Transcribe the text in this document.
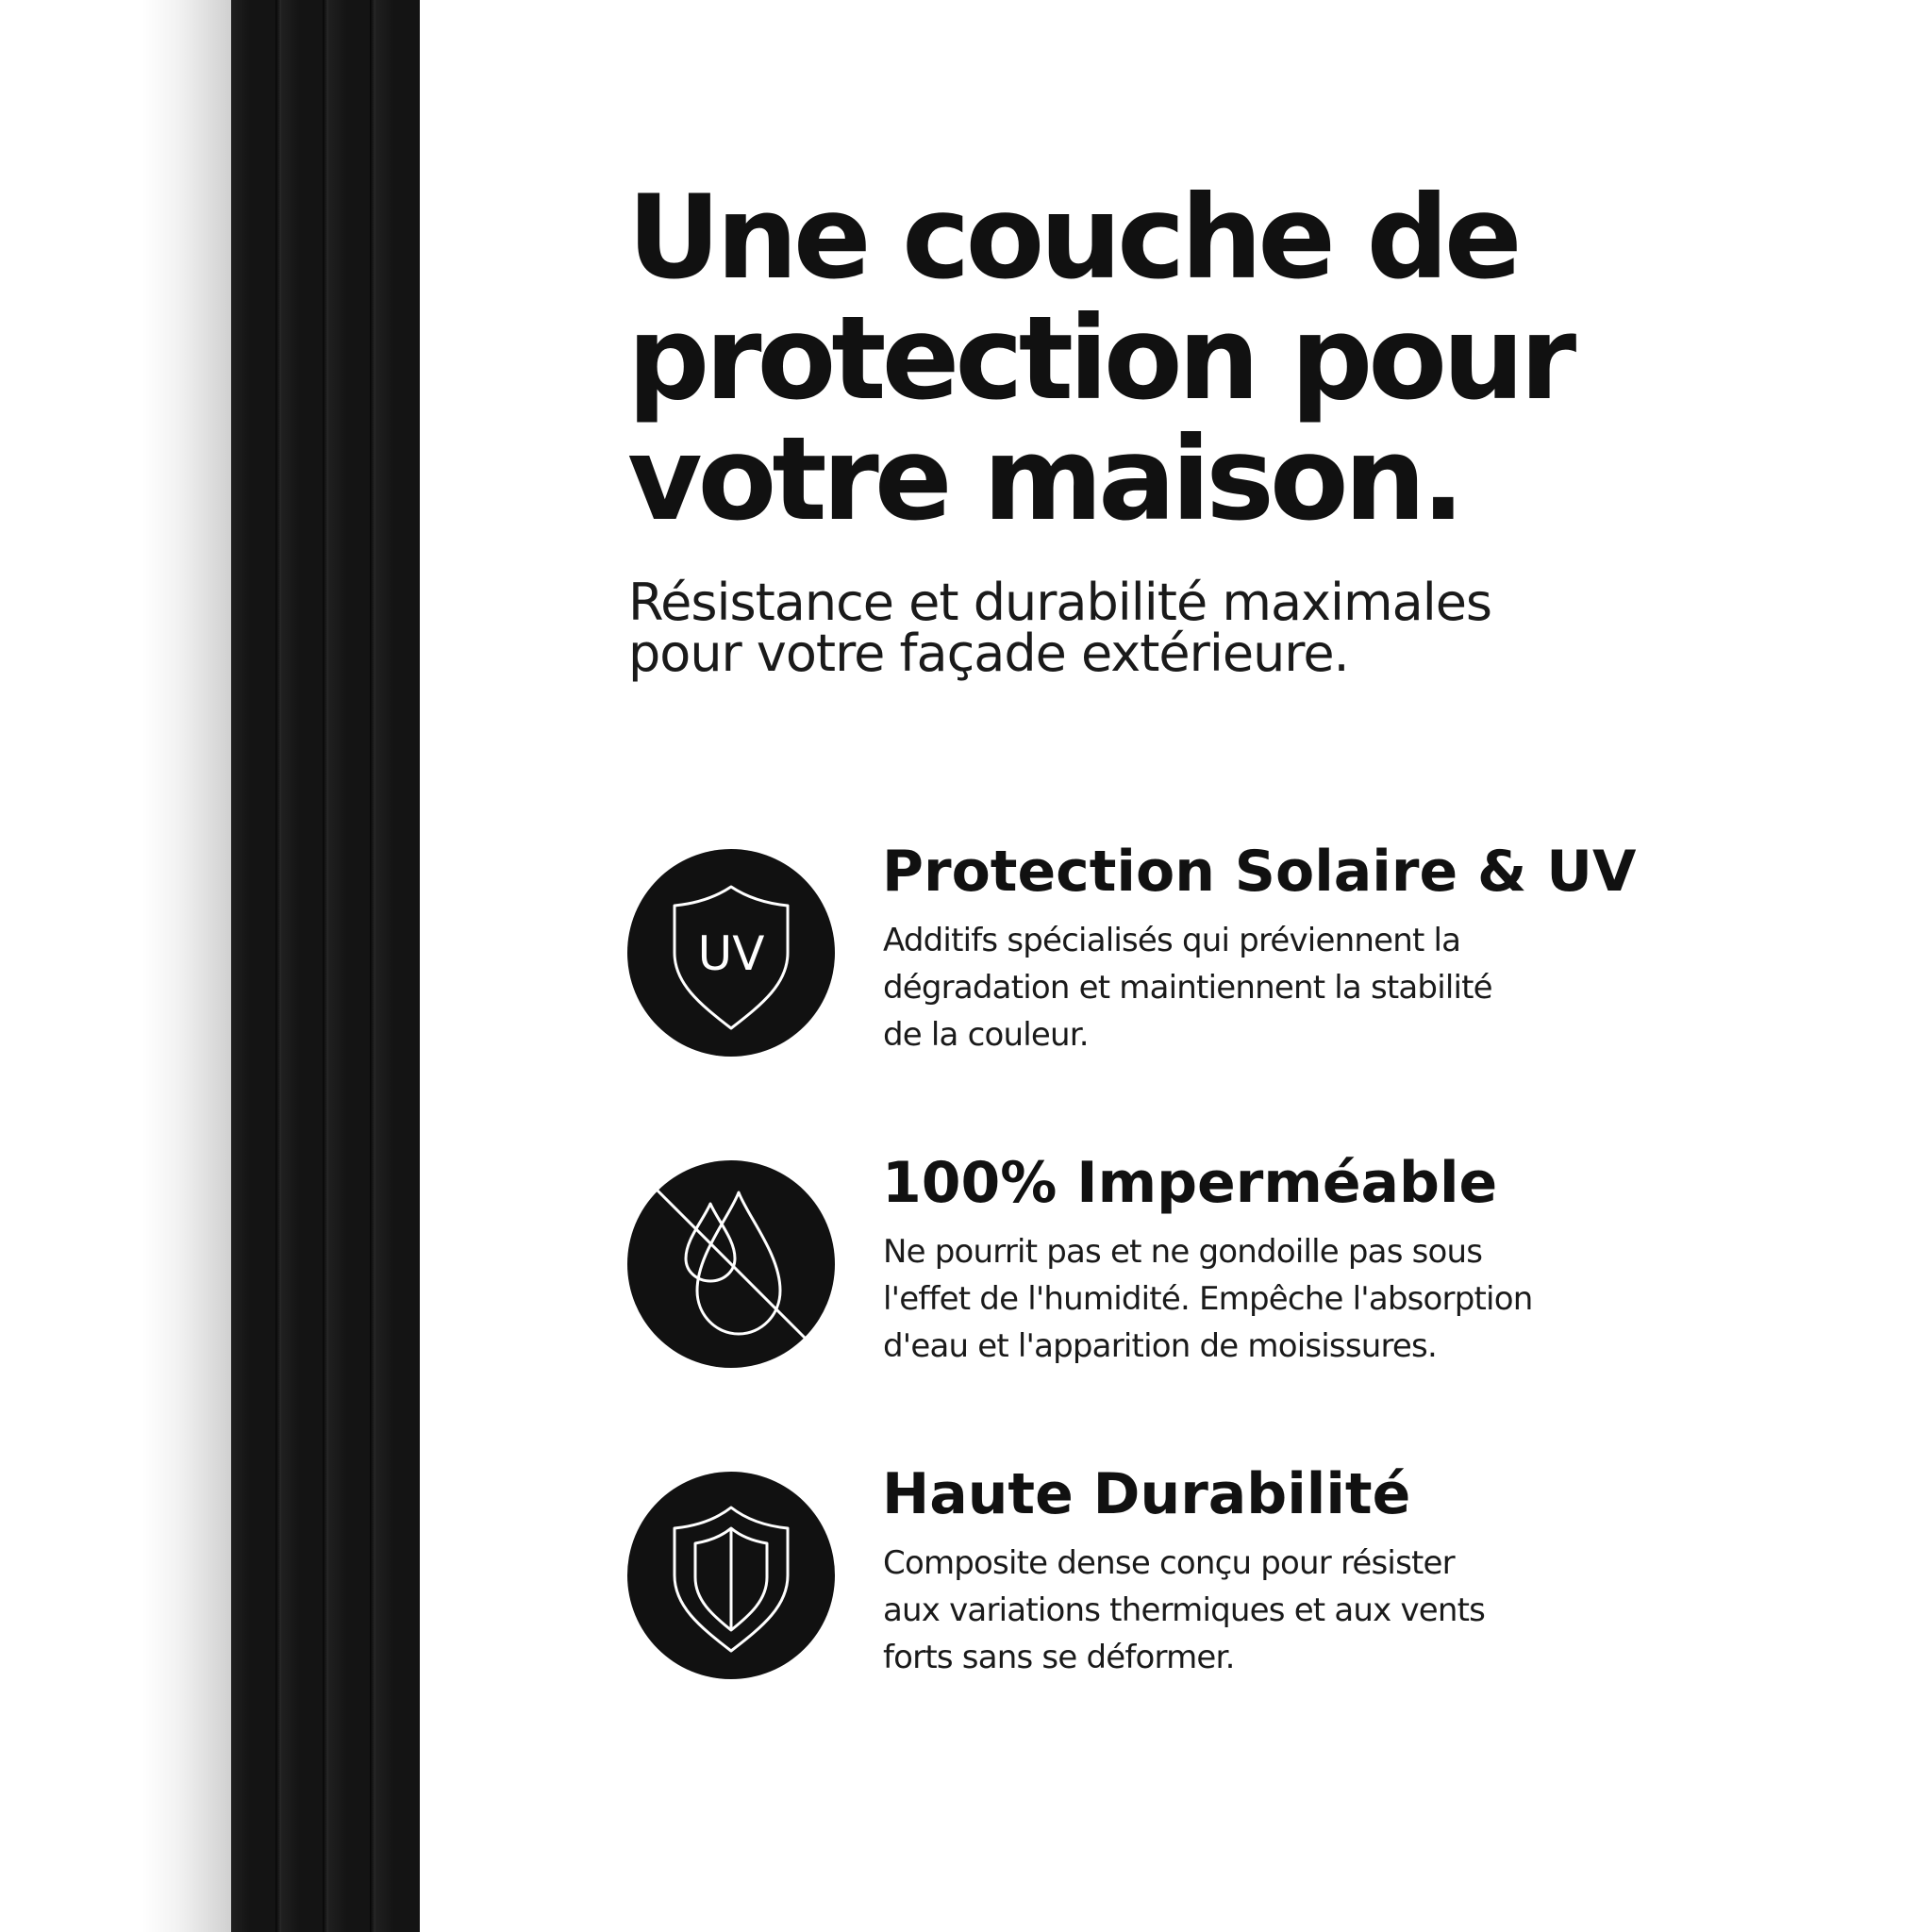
Une couche de
protection pour
votre maison.

Résistance et durabilité maximales
pour votre façade extérieure.

UV
Protection Solaire & UV

Additifs spécialisés qui préviennent la
dégradation et maintiennent la stabilité
de la couleur.

100% Imperméable

Ne pourrit pas et ne gondoille pas sous
l'effet de l'humidité. Empêche l'absorption
d'eau et l'apparition de moisissures.

Haute Durabilité

Composite dense conçu pour résister
aux variations thermiques et aux vents
forts sans se déformer.
